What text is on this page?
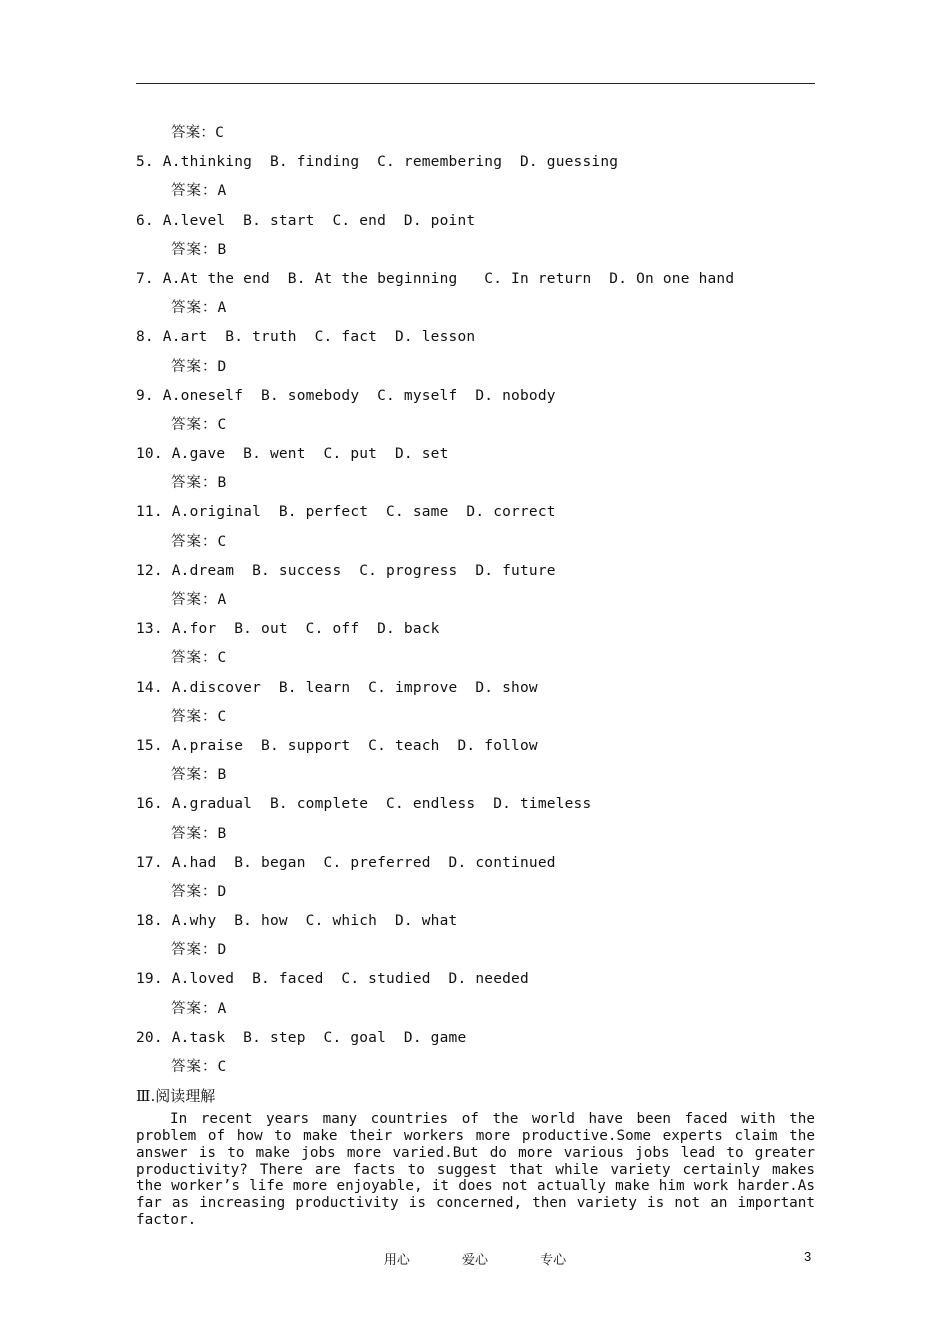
答案：C
5. A.thinking  B. finding  C. remembering  D. guessing
答案：A
6. A.level  B. start  C. end  D. point
答案：B
7. A.At the end  B. At the beginning   C. In return  D. On one hand
答案：A
8. A.art  B. truth  C. fact  D. lesson
答案：D
9. A.oneself  B. somebody  C. myself  D. nobody
答案：C
10. A.gave  B. went  C. put  D. set
答案：B
11. A.original  B. perfect  C. same  D. correct
答案：C
12. A.dream  B. success  C. progress  D. future
答案：A
13. A.for  B. out  C. off  D. back
答案：C
14. A.discover  B. learn  C. improve  D. show
答案：C
15. A.praise  B. support  C. teach  D. follow
答案：B
16. A.gradual  B. complete  C. endless  D. timeless
答案：B
17. A.had  B. began  C. preferred  D. continued
答案：D
18. A.why  B. how  C. which  D. what
答案：D
19. A.loved  B. faced  C. studied  D. needed
答案：A
20. A.task  B. step  C. goal  D. game
答案：C
Ⅲ.阅读理解
In recent years many countries of the world have been faced with the problem of how to make their workers more productive.Some experts claim the answer is to make jobs more varied.But do more various jobs lead to greater productivity? There are facts to suggest that while variety certainly makes the worker’s life more enjoyable, it does not actually make him work harder.As far as increasing productivity is concerned, then variety is not an important factor.
用心	爱心	专心	3
